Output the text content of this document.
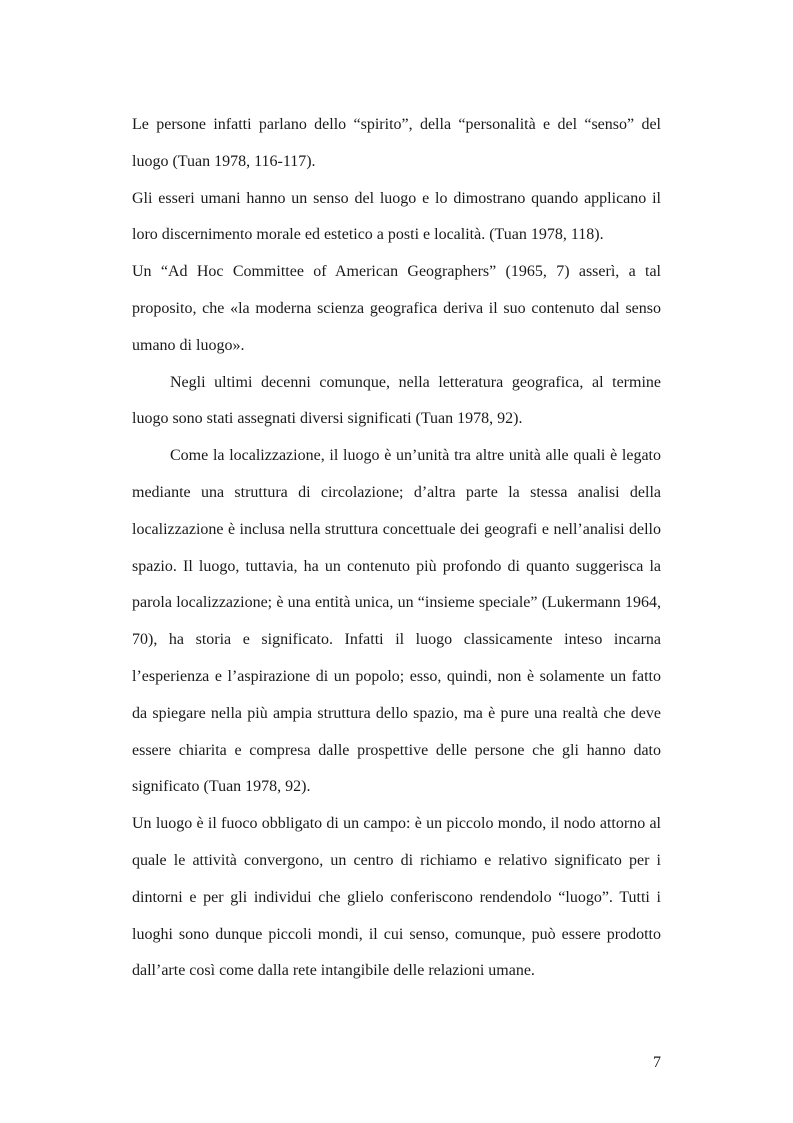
Le persone infatti parlano dello “spirito”, della “personalità e del “senso” del luogo (Tuan 1978, 116-117).

Gli esseri umani hanno un senso del luogo e lo dimostrano quando applicano il loro discernimento morale ed estetico a posti e località. (Tuan 1978, 118).

Un “Ad Hoc Committee of American Geographers” (1965, 7) asserì, a tal proposito, che «la moderna scienza geografica deriva il suo contenuto dal senso umano di luogo».

Negli ultimi decenni comunque, nella letteratura geografica, al termine luogo sono stati assegnati diversi significati (Tuan 1978, 92).

Come la localizzazione, il luogo è un’unità tra altre unità alle quali è legato mediante una struttura di circolazione; d’altra parte la stessa analisi della localizzazione è inclusa nella struttura concettuale dei geografi e nell’analisi dello spazio. Il luogo, tuttavia, ha un contenuto più profondo di quanto suggerisca la parola localizzazione; è una entità unica, un “insieme speciale” (Lukermann 1964, 70), ha storia e significato. Infatti il luogo classicamente inteso incarna l’esperienza e l’aspirazione di un popolo; esso, quindi, non è solamente un fatto da spiegare nella più ampia struttura dello spazio, ma è pure una realtà che deve essere chiarita e compresa dalle prospettive delle persone che gli hanno dato significato (Tuan 1978, 92).

Un luogo è il fuoco obbligato di un campo: è un piccolo mondo, il nodo attorno al quale le attività convergono, un centro di richiamo e relativo significato per i dintorni e per gli individui che glielo conferiscono rendendolo “luogo”. Tutti i luoghi sono dunque piccoli mondi, il cui senso, comunque, può essere prodotto dall’arte così come dalla rete intangibile delle relazioni umane.

7
